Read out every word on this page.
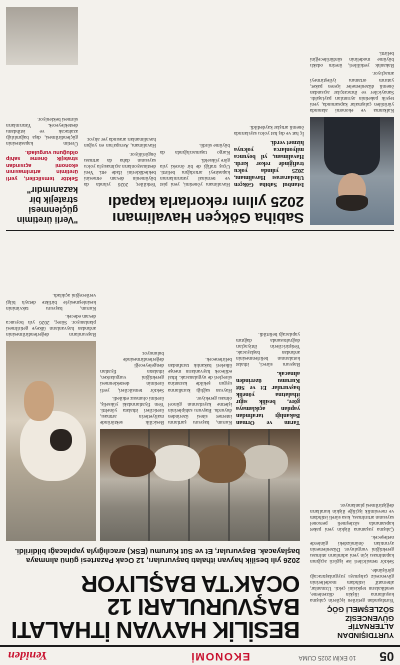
05
10 EKİM 2025 CUMA
EKONOMİ
Yeniden
YURTDIŞINDAN ALTERNATİF GÜVENCESİZ SÖZLEŞMELİ GÖÇ

Yurtdışından getirilen işçilerin çalışma koşullarına ilişkin düzenleme, sendikaların tepkisini çekti. Uzmanlar, alternatif istihdam modellerinin güvencesiz çalışmayı yaygınlaştıracağı görüşünde.

Sektör temsilcileri ise işgücü açığının kapatılması için yeni adımların atılması gerektiğini vurguluyor. Düzenlemenin ayrıntıları önümüzdeki günlerde netleşecek.

Çalışma yaşamına ilişkin yeni paket kapsamında sözleşmeli personel sayısının artırılması, kısa süreli istihdam ve mevsimlik işçiliğe ilişkin kuralların değiştirilmesi planlanıyor.

BESİLİK HAYVAN İTHALATI BAŞVURULARI 12 OCAK'TA BAŞLIYOR
2026 yılı besilik hayvan ithalatı başvuruları, 12 Ocak Pazartesi günü alınmaya başlayacak. Başvurular, Et ve Süt Kurumu (ESK) aracılığıyla yapılacağı bildirildi.

Tarım ve Orman Bakanlığı tarafından yapılan açıklamaya göre, besilik sığır ithalatına yönelik başvurular Et ve Süt Kurumu üzerinden alınacak.

Başvuru süreci, ithalat kotalarının belirlenmesinin ardından başlayacak. Yetiştiricilerin ihtiyaçları doğrultusunda dağıtım yapılacağı belirtildi.

Kurum, başvuru şartlarını internet sitesi üzerinden duyurdu. Başvuru sahiplerinin işletme kayıtlarının güncel olması gerekiyor.

Hayvan sağlığı kurallarına uygun şekilde karantina süreçleri de uygulanacak. İthal edilecek hayvanların menşe ülkeleri bakanlık tarafından belirlenecek.

Besicilik sektöründe maliyetlerin artması, üreticileri ithalata yöneltti. Yem fiyatlarındaki yükseliş, üretimi olumsuz etkiledi.

Sektör temsilcileri, yerli üretimin desteklenmesi gerektiğini vurgularken, ithalatın fiyatları dengeleyeceği değerlendirmesinde bulunuyor.

Başvuruların değerlendirilmesinin ardından hayvanların ülkeye getirilmesi planlanıyor. Süreç, 2026 yılı boyunca devam edecek.

Kurum, başvuru takviminin kesinleşmesiyle birlikte detaylı bilgi verileceğini açıkladı.

Kalkınma ve ekonomi alanında yürütülen çalışmalar kapsamında, yeni teşvik paketinin ayrıntıları paylaşıldı. Sanayiciler ve ihracatçılar açısından önemli düzenlemeler içeren paket, yatırım ortamını iyileştirmeyi amaçlıyor.

Bakanlık yetkilileri, üretim odaklı büyüme modelinin sürdürüleceğini belirtti.

Sabiha Gökçen Havalimanı 2025 yılını rekorlarla kapadı

İstanbul Sabiha Gökçen Uluslararası Havalimanı, 2025 yılında yolcu trafiğinde rekor kırdı. Havalimanı, yıl boyunca milyonlarca yolcuya hizmet verdi.

İç hat ve dış hat yolcu sayılarında önemli artışlar kaydedildi.

Havalimanı yönetimi, yeni pist ve terminal yatırımlarının kapasiteyi artırdığını belirtti. Uçuş trafiği de bir önceki yıla göre yükseldi.

Kargo taşımacılığında da büyüme sürdü.

Yetkililer, 2026 yılında da büyümenin devam etmesini beklediklerini ifade etti. Yeni destinasyonların açılmasıyla yolcu sayısının daha da artması öngörülüyor.

Havalimanı, Avrupa'nın en yoğun havalimanları arasında yer alıyor.

"Verli üretimin güçlenmesi stratejik bir kazanımdır"

Sektör temsilcileri, yerli üretimin artırılmasının ekonomi açısından stratejik öneme sahip olduğunu vurguladı.

Üretim kapasitesinin güçlendirilmesi, dışa bağımlılığı azaltacak ve istihdamı destekleyecek. Yatırımların sürmesi bekleniyor.
